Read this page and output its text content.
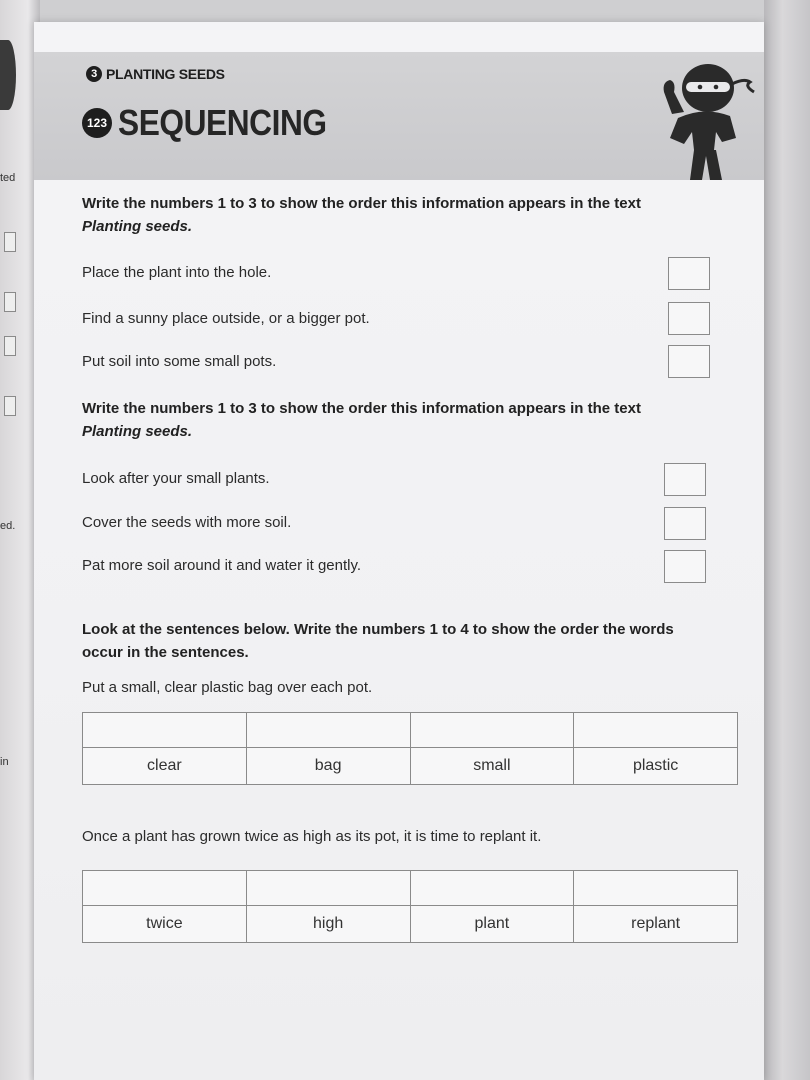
ted
ed.
in
3 PLANTING SEEDS
123 SEQUENCING
Write the numbers 1 to 3 to show the order this information appears in the text
Planting seeds.
Place the plant into the hole.
Find a sunny place outside, or a bigger pot.
Put soil into some small pots.
Write the numbers 1 to 3 to show the order this information appears in the text
Planting seeds.
Look after your small plants.
Cover the seeds with more soil.
Pat more soil around it and water it gently.
Look at the sentences below. Write the numbers 1 to 4 to show the order the words
occur in the sentences.
Put a small, clear plastic bag over each pot.

clear	bag	small	plastic
Once a plant has grown twice as high as its pot, it is time to replant it.

twice	high	plant	replant
